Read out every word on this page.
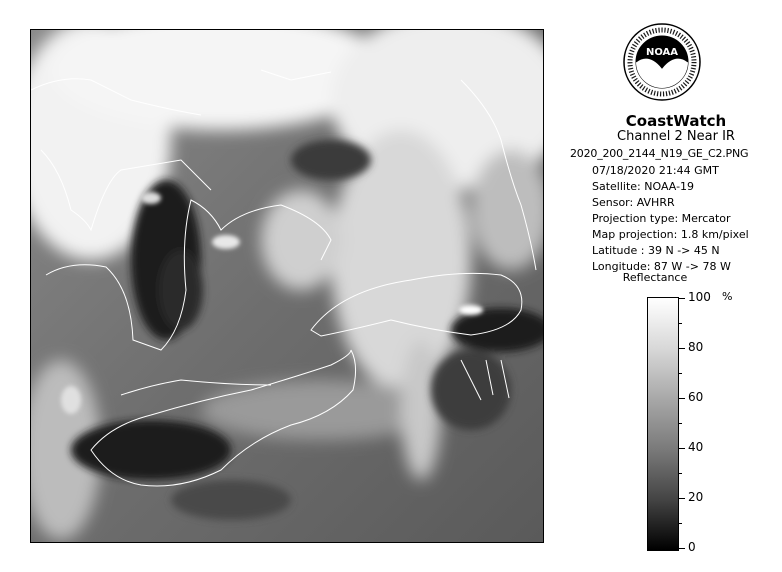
NOAA
CoastWatch
Channel 2 Near IR
2020_200_2144_N19_GE_C2.PNG
07/18/2020 21:44 GMT
Satellite: NOAA-19
Sensor: AVHRR
Projection type: Mercator
Map projection: 1.8 km/pixel
Latitude : 39 N -> 45 N
Longitude: 87 W -> 78 W
Reflectance
%
100
80
60
40
20
0
